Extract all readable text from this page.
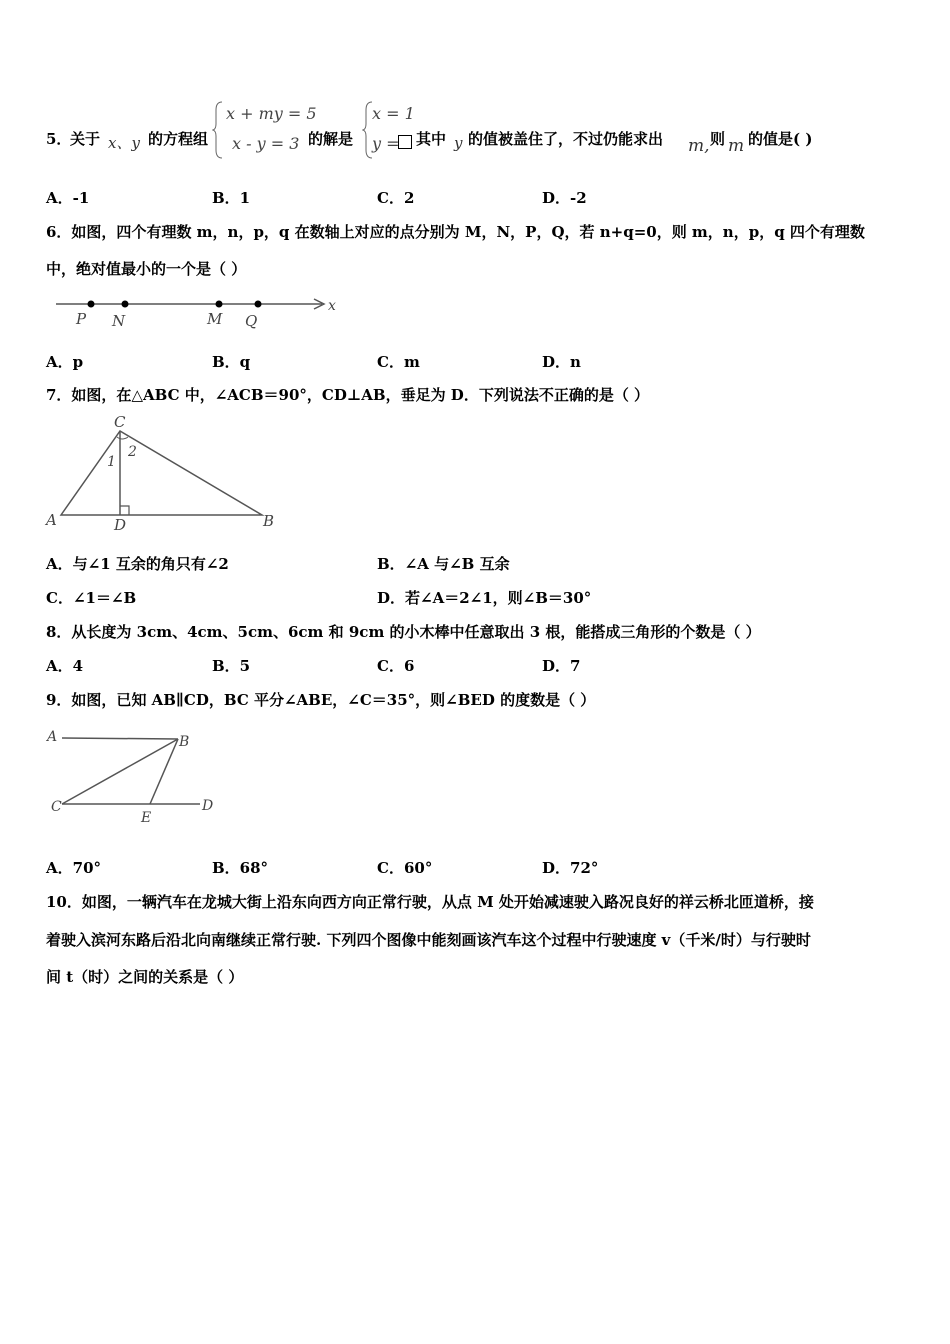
5．
关于 x、y 的方程组
x + my = 5
x - y = 3 的解是
x = 1
y = 其中 y 的值被盖住了，不过仍能求出 m, 则 m 的值是( )
A．-1	B．1	C．2	D．-2
6．如图，四个有理数 m，n，p，q 在数轴上对应的点分别为 M，N，P，Q，若 n+q=0，则 m，n，p，q 四个有理数
中，绝对值最小的一个是（ ）
P N	M Q
x
A．p	B．q	C．m	D．n
7．如图，在△ABC 中，∠ACB＝90°，CD⊥AB，垂足为 D．下列说法不正确的是（ ）
C
1
2
A	D	B
A．与∠1 互余的角只有∠2	B．∠A 与∠B 互余
C．∠1＝∠B	D．若∠A＝2∠1，则∠B＝30°
8．从长度为 3cm、4cm、5cm、6cm 和 9cm 的小木棒中任意取出 3 根，能搭成三角形的个数是（ ）
A．4	B．5	C．6	D．7
9．如图，已知 AB∥CD，BC 平分∠ABE，∠C＝35°，则∠BED 的度数是（ ）
A	B
C
E
D
A．70°	B．68°	C．60°	D．72°
10．如图，一辆汽车在龙城大街上沿东向西方向正常行驶，从点 M 处开始减速驶入路况良好的祥云桥北匝道桥，接
着驶入滨河东路后沿北向南继续正常行驶. 下列四个图像中能刻画该汽车这个过程中行驶速度 v（千米/时）与行驶时
间 t（时）之间的关系是（ ）
